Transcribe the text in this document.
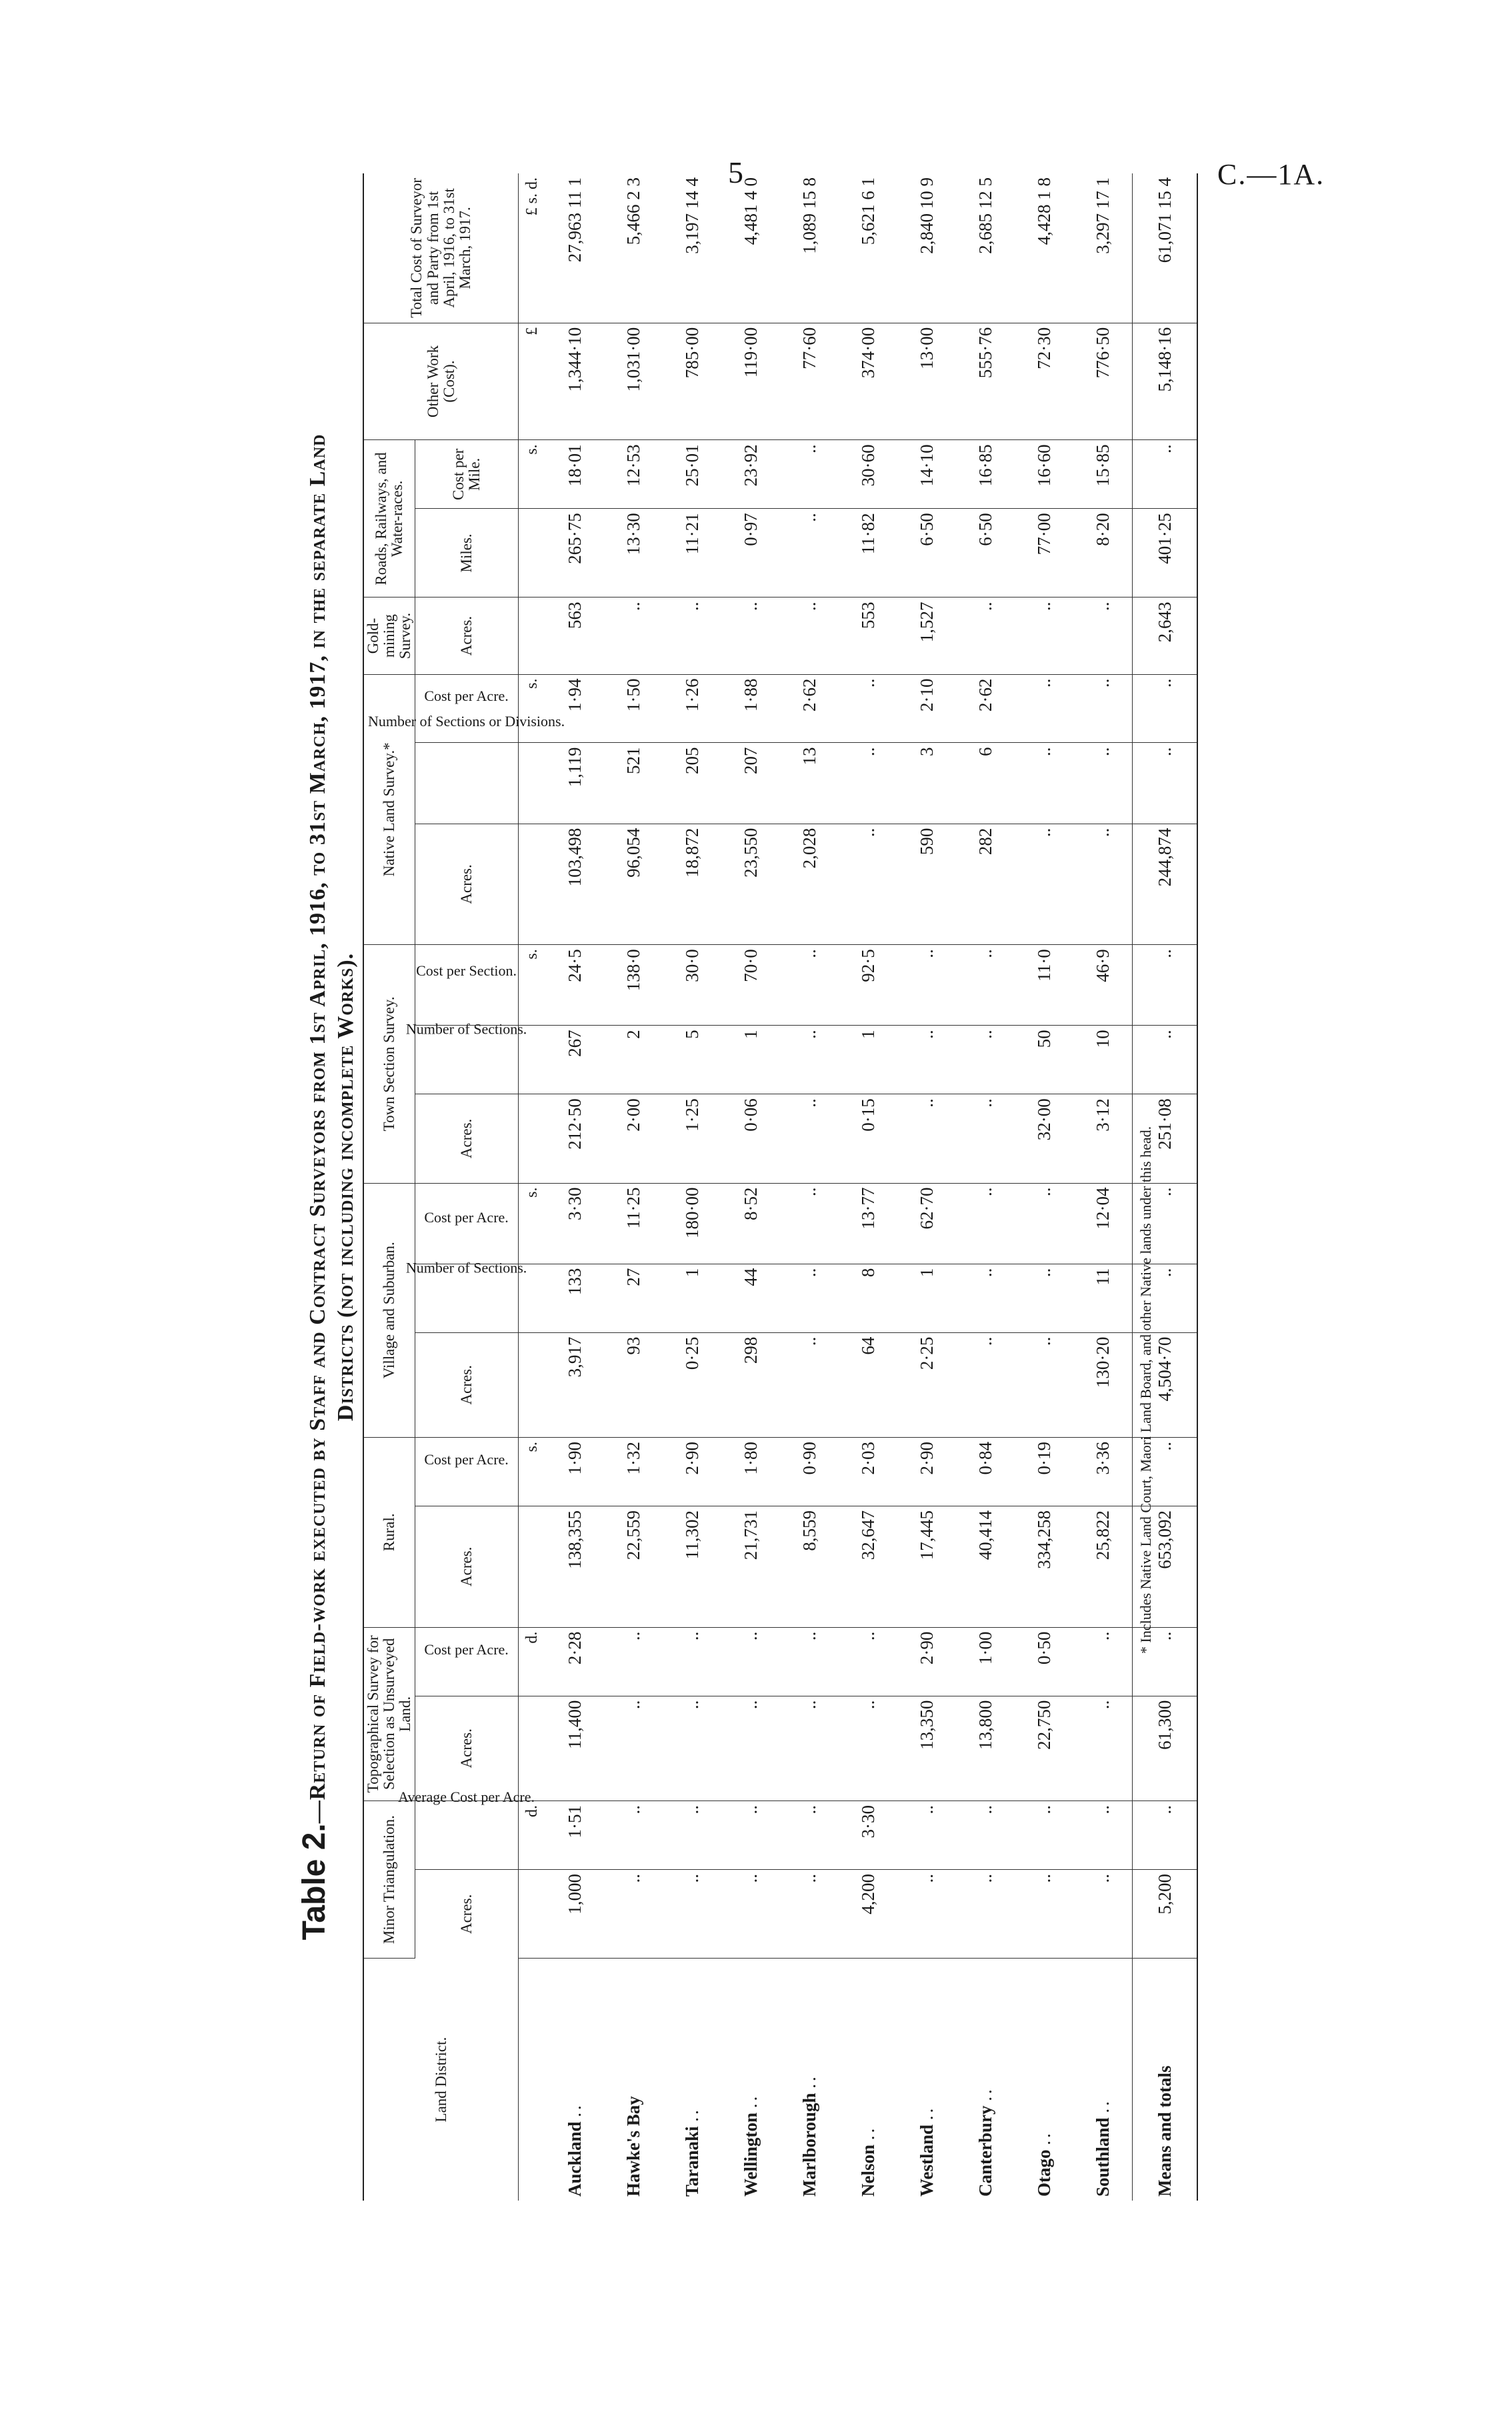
5	C.—1A.
Table 2.—Return of Field-work executed by Staff and Contract Surveyors from 1st April, 1916, to 31st March, 1917, in the separate Land Districts (not including incomplete Works).
Land District.	Minor Triangulation.		Topographical Survey for Selection as Unsurveyed Land.		Rural.		Village and Suburban.			Town Section Survey.			Native Land Survey.*			Gold-mining Survey.	Roads, Railways, and Water-races.		Other Work (Cost).	Total Cost of Surveyor and Party from 1st April, 1916, to 31st March, 1917.
	Acres.	Average Cost per Acre.	Acres.	Cost per Acre.	Acres.	Cost per Acre.	Acres.	Number of Sections.	Cost per Acre.	Acres.	Number of Sections.	Cost per Section.	Acres.	Number of Sections or Divisions.	Cost per Acre.	Acres.	Miles.	Cost per Mile.		
		d.		d.		s.			s.			s.			s.			s.	£	£ s. d.
Auckland ..	1,000	1·51	11,400	2·28	138,355	1·90	3,917	133	3·30	212·50	267	24·5	103,498	1,119	1·94	563	265·75	18·01	1,344·10	27,963 11 1
Hawke's Bay	..	..	..	..	22,559	1·32	93	27	11·25	2·00	2	138·0	96,054	521	1·50	..	13·30	12·53	1,031·00	5,466 2 3
Taranaki ..	..	..	..	..	11,302	2·90	0·25	1	180·00	1·25	5	30·0	18,872	205	1·26	..	11·21	25·01	785·00	3,197 14 4
Wellington ..	..	..	..	..	21,731	1·80	298	44	8·52	0·06	1	70·0	23,550	207	1·88	..	0·97	23·92	119·00	4,481 4 0
Marlborough ..	..	..	..	..	8,559	0·90	..	..	..	..	..	..	2,028	13	2·62	..	..	..	77·60	1,089 15 8
Nelson ..	4,200	3·30	..	..	32,647	2·03	64	8	13·77	0·15	1	92·5	..	..	..	553	11·82	30·60	374·00	5,621 6 1
Westland ..	..	..	13,350	2·90	17,445	2·90	2·25	1	62·70	..	..	..	590	3	2·10	1,527	6·50	14·10	13·00	2,840 10 9
Canterbury ..	..	..	13,800	1·00	40,414	0·84	..	..	..	..	..	..	282	6	2·62	..	6·50	16·85	555·76	2,685 12 5
Otago ..	..	..	22,750	0·50	334,258	0·19	..	..	..	32·00	50	11·0	..	..	..	..	77·00	16·60	72·30	4,428 1 8
Southland ..	..	..	..	..	25,822	3·36	130·20	11	12·04	3·12	10	46·9	..	..	..	..	8·20	15·85	776·50	3,297 17 1
Means and totals	5,200	..	61,300	..	653,092	..	4,504·70	..	..	251·08	..	..	244,874	..	..	2,643	401·25	..	5,148·16	61,071 15 4
* Includes Native Land Court, Maori Land Board, and other Native lands under this head.
